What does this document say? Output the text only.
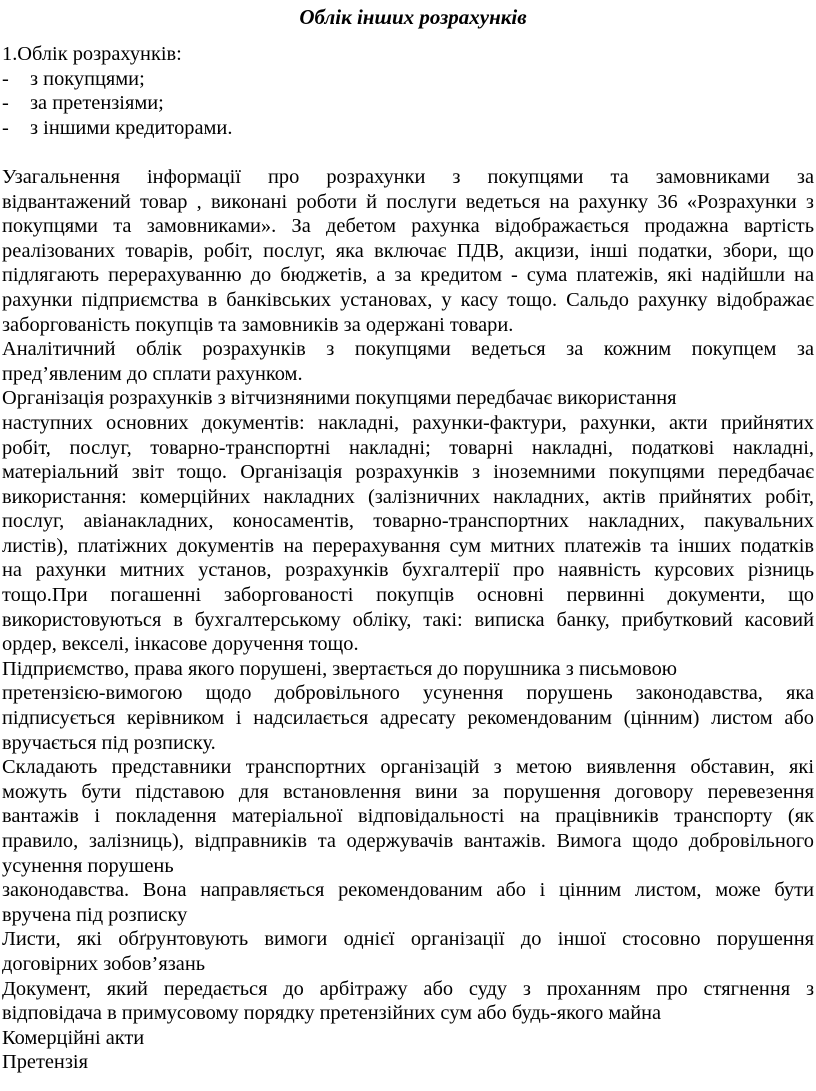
Облік інших розрахунків
1.Облік розрахунків:
-	з покупцями;
-	за претензіями;
-	з іншими кредиторами.
Узагальнення інформації про розрахунки з покупцями та замовниками за
відвантажений товар , виконані роботи й послуги ведеться на рахунку 36 «Розрахунки з
покупцями та замовниками». За дебетом рахунка відображається продажна вартість
реалізованих товарів, робіт, послуг, яка включає ПДВ, акцизи, інші податки, збори, що
підлягають перерахуванню до бюджетів, а за кредитом - сума платежів, які надійшли на
рахунки підприємства в банківських установах, у касу тощо. Сальдо рахунку відображає
заборгованість покупців та замовників за одержані товари.
Аналітичний облік розрахунків з покупцями ведеться за кожним покупцем за
пред’явленим до сплати рахунком.
Організація розрахунків з вітчизняними покупцями передбачає використання
наступних основних документів: накладні, рахунки-фактури, рахунки, акти прийнятих
робіт, послуг, товарно-транспортні накладні; товарні накладні, податкові накладні,
матеріальний звіт тощо. Організація розрахунків з іноземними покупцями передбачає
використання: комерційних накладних (залізничних накладних, актів прийнятих робіт,
послуг, авіанакладних, коносаментів, товарно-транспортних накладних, пакувальних
листів), платіжних документів на перерахування сум митних платежів та інших податків
на рахунки митних установ, розрахунків бухгалтерії про наявність курсових різниць
тощо.При погашенні заборгованості покупців основні первинні документи, що
використовуються в бухгалтерському обліку, такі: виписка банку, прибутковий касовий
ордер, векселі, інкасове доручення тощо.
Підприємство, права якого порушені, звертається до порушника з письмовою
претензією-вимогою щодо добровільного усунення порушень законодавства, яка
підписується керівником і надсилається адресату рекомендованим (цінним) листом або
вручається під розписку.
Складають представники транспортних організацій з метою виявлення обставин, які
можуть бути підставою для встановлення вини за порушення договору перевезення
вантажів і покладення матеріальної відповідальності на працівників транспорту (як
правило, залізниць), відправників та одержувачів вантажів. Вимога щодо добровільного
усунення порушень
законодавства. Вона направляється рекомендованим або і цінним листом, може бути
вручена під розписку
Листи, які обґрунтовують вимоги однієї організації до іншої стосовно порушення
договірних зобов’язань
Документ, який передається до арбітражу або суду з проханням про стягнення з
відповідача в примусовому порядку претензійних сум або будь-якого майна
Комерційні акти
Претензія
